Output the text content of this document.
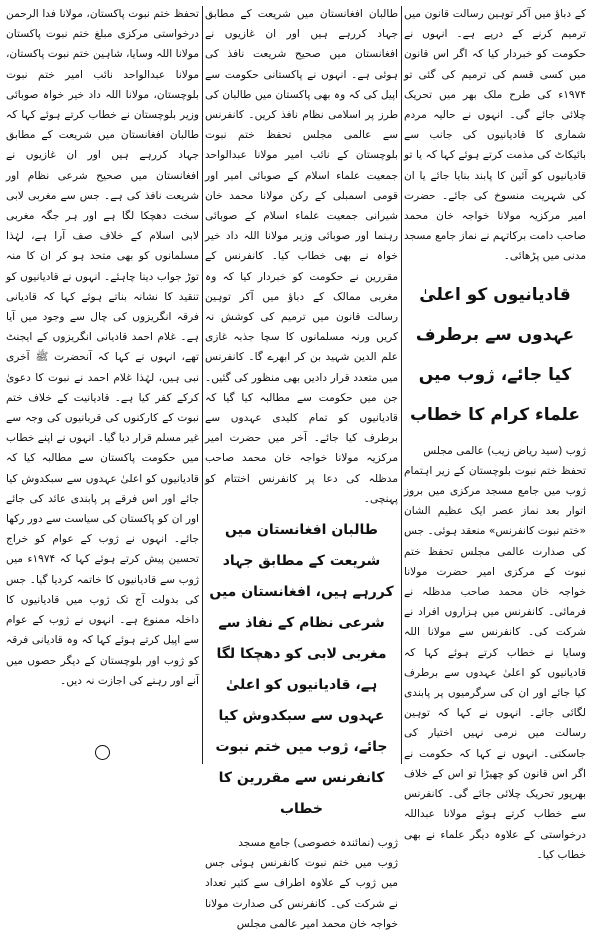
کے دباؤ میں آکر توہین رسالت قانون میں ترمیم کرنے کے درپے ہے۔ انہوں نے حکومت کو خبردار کیا کہ اگر اس قانون میں کسی قسم کی ترمیم کی گئی تو ۱۹۷۴ء کی طرح ملک بھر میں تحریک چلائی جائے گی۔ انہوں نے حالیہ مردم شماری کا قادیانیوں کی جانب سے بائیکاٹ کی مذمت کرتے ہوئے کہا کہ یا تو قادیانیوں کو آئین کا پابند بنایا جائے یا ان کی شہریت منسوخ کی جائے۔ حضرت امیر مرکزیہ مولانا خواجہ خان محمد صاحب دامت برکاتہم نے نماز جامع مسجد مدنی میں پڑھائی۔

قادیانیوں کو اعلیٰ عہدوں سے برطرف کیا جائے، ژوب میں علماء کرام کا خطاب

ژوب (سید ریاض زیب) عالمی مجلس

تحفظ ختم نبوت بلوچستان کے زیر اہتمام ژوب میں جامع مسجد مرکزی میں بروز اتوار بعد نماز عصر ایک عظیم الشان «ختم نبوت کانفرنس» منعقد ہوئی۔ جس کی صدارت عالمی مجلس تحفظ ختم نبوت کے مرکزی امیر حضرت مولانا خواجہ خان محمد صاحب مدظلہ نے فرمائی۔ کانفرنس میں ہزاروں افراد نے شرکت کی۔ کانفرنس سے مولانا اللہ وسایا نے خطاب کرتے ہوئے کہا کہ قادیانیوں کو اعلیٰ عہدوں سے برطرف کیا جائے اور ان کی سرگرمیوں پر پابندی لگائی جائے۔ انہوں نے کہا کہ توہین رسالت میں نرمی نہیں اختیار کی جاسکتی۔ انہوں نے کہا کہ حکومت نے اگر اس قانون کو چھیڑا تو اس کے خلاف بھرپور تحریک چلائی جائے گی۔ کانفرنس سے خطاب کرتے ہوئے مولانا عبداللہ درخواستی کے علاوہ دیگر علماء نے بھی خطاب کیا۔

طالبان افغانستان میں شریعت کے مطابق جہاد کررہے ہیں اور ان غازیوں نے افغانستان میں صحیح شریعت نافذ کی ہوئی ہے۔ انہوں نے پاکستانی حکومت سے اپیل کی کہ وہ بھی پاکستان میں طالبان کی طرز پر اسلامی نظام نافذ کریں۔ کانفرنس سے عالمی مجلس تحفظ ختم نبوت بلوچستان کے نائب امیر مولانا عبدالواحد جمعیت علماء اسلام کے صوبائی امیر اور قومی اسمبلی کے رکن مولانا محمد خان شیرانی جمعیت علماء اسلام کے صوبائی رہنما اور صوبائی وزیر مولانا اللہ داد خیر خواہ نے بھی خطاب کیا۔ کانفرنس کے مقررین نے حکومت کو خبردار کیا کہ وہ مغربی ممالک کے دباؤ میں آکر توہین رسالت قانون میں ترمیم کی کوشش نہ کریں ورنہ مسلمانوں کا سچا جذبہ غازی علم الدین شہید بن کر ابھرے گا۔ کانفرنس میں متعدد قرار دادیں بھی منظور کی گئیں۔ جن میں حکومت سے مطالبہ کیا گیا کہ قادیانیوں کو تمام کلیدی عہدوں سے برطرف کیا جائے۔ آخر میں حضرت امیر مرکزیہ مولانا خواجہ خان محمد صاحب مدظلہ کی دعا پر کانفرنس اختتام کو پہنچی۔

طالبان افغانستان میں شریعت کے مطابق جہاد کررہے ہیں، افغانستان میں شرعی نظام کے نفاذ سے مغربی لابی کو دھچکا لگا ہے، قادیانیوں کو اعلیٰ عہدوں سے سبکدوش کیا جائے، ژوب میں ختم نبوت کانفرنس سے مقررین کا خطاب

ژوب (نمائندہ خصوصی) جامع مسجد

ژوب میں ختم نبوت کانفرنس ہوئی جس میں ژوب کے علاوہ اطراف سے کثیر تعداد نے شرکت کی۔ کانفرنس کی صدارت مولانا خواجہ خان محمد امیر عالمی مجلس

تحفظ ختم نبوت پاکستان، مولانا فدا الرحمن درخواستی مرکزی مبلغ ختم نبوت پاکستان مولانا اللہ وسایا، شاہین ختم نبوت پاکستان، مولانا عبدالواحد نائب امیر ختم نبوت بلوچستان، مولانا اللہ داد خیر خواہ صوبائی وزیر بلوچستان نے خطاب کرتے ہوئے کہا کہ طالبان افغانستان میں شریعت کے مطابق جہاد کررہے ہیں اور ان غازیوں نے افغانستان میں صحیح شرعی نظام اور شریعت نافذ کی ہے۔ جس سے مغربی لابی سخت دھچکا لگا ہے اور ہر جگہ مغربی لابی اسلام کے خلاف صف آرا ہے، لہٰذا مسلمانوں کو بھی متحد ہو کر ان کا منہ توڑ جواب دینا چاہئے۔ انہوں نے قادیانیوں کو تنقید کا نشانہ بناتے ہوئے کہا کہ قادیانی فرقہ انگریزوں کی چال سے وجود میں آیا ہے۔ غلام احمد قادیانی انگریزوں کے ایجنٹ تھے، انہوں نے کہا کہ آنحضرت ﷺ آخری نبی ہیں، لہٰذا غلام احمد نے نبوت کا دعویٰ کرکے کفر کیا ہے۔ قادیانیت کے خلاف ختم نبوت کے کارکنوں کی قربانیوں کی وجہ سے غیر مسلم قرار دیا گیا۔ انہوں نے اپنے خطاب میں حکومت پاکستان سے مطالبہ کیا کہ قادیانیوں کو اعلیٰ عہدوں سے سبکدوش کیا جائے اور اس فرقے پر پابندی عائد کی جائے اور ان کو پاکستان کی سیاست سے دور رکھا جائے۔ انہوں نے ژوب کے عوام کو خراج تحسین پیش کرتے ہوئے کہا کہ ۱۹۷۴ء میں ژوب سے قادیانیوں کا خاتمہ کردیا گیا۔ جس کی بدولت آج تک ژوب میں قادیانیوں کا داخلہ ممنوع ہے۔ انہوں نے ژوب کے عوام سے اپیل کرتے ہوئے کہا کہ وہ قادیانی فرقہ کو ژوب اور بلوچستان کے دیگر حصوں میں آنے اور رہنے کی اجازت نہ دیں۔
